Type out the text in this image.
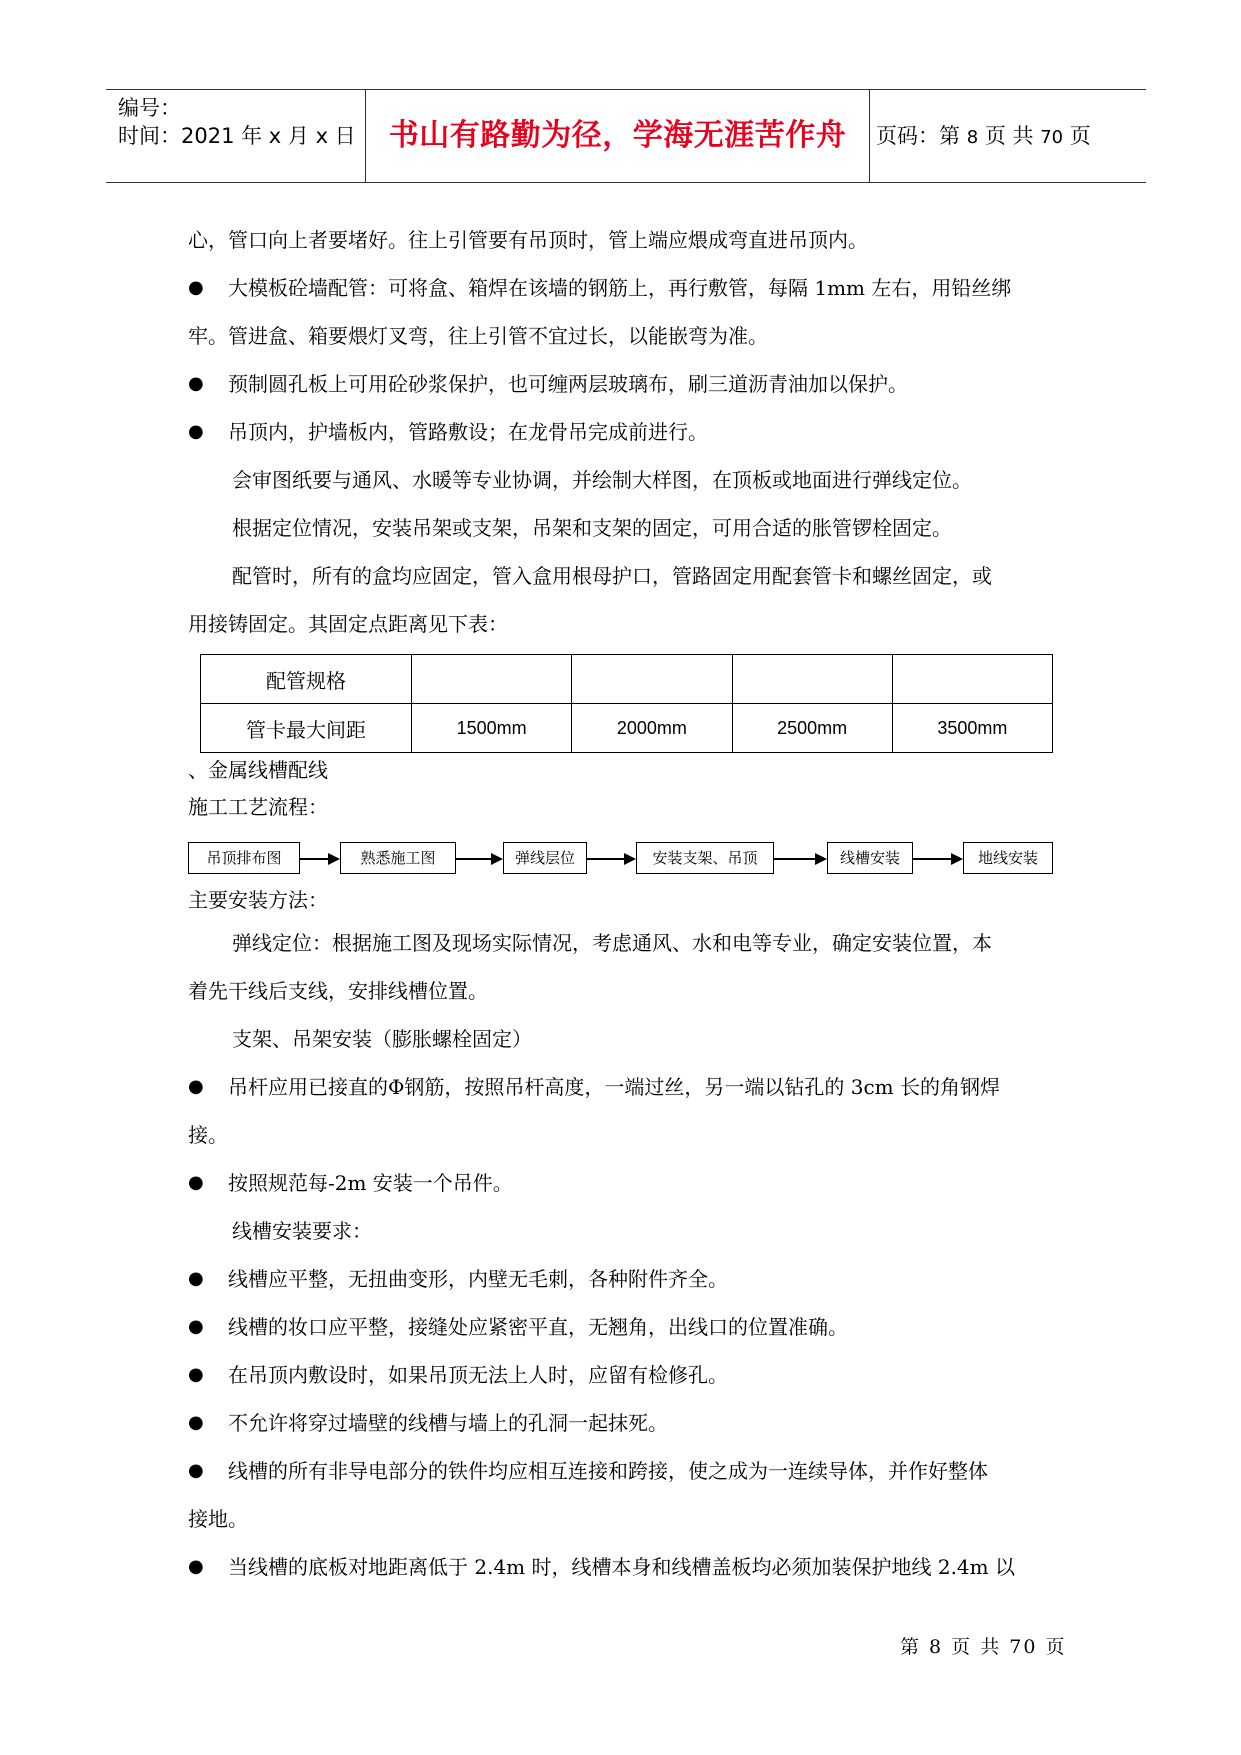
编号：
时间：2021 年 x 月 x 日	书山有路勤为径，学海无涯苦作舟	页码：第 8 页 共 70 页
心，管口向上者要堵好。往上引管要有吊顶时，管上端应煨成弯直进吊顶内。
●	大模板砼墙配管：可将盒、箱焊在该墙的钢筋上，再行敷管，每隔 1mm 左右，用铅丝绑
牢。管进盒、箱要煨灯叉弯，往上引管不宜过长，以能嵌弯为准。
●	预制圆孔板上可用砼砂浆保护，也可缠两层玻璃布，刷三道沥青油加以保护。
●	吊顶内，护墙板内，管路敷设；在龙骨吊完成前进行。
会审图纸要与通风、水暖等专业协调，并绘制大样图，在顶板或地面进行弹线定位。
根据定位情况，安装吊架或支架，吊架和支架的固定，可用合适的胀管锣栓固定。
配管时，所有的盒均应固定，管入盒用根母护口，管路固定用配套管卡和螺丝固定，或
用接铸固定。其固定点距离见下表：
配管规格				
管卡最大间距	1500mm	2000mm	2500mm	3500mm
、金属线槽配线
施工工艺流程：
吊顶排布图	熟悉施工图	弹线层位	安装支架、吊顶	线槽安装	地线安装
主要安装方法：
弹线定位：根据施工图及现场实际情况，考虑通风、水和电等专业，确定安装位置，本
着先干线后支线，安排线槽位置。
支架、吊架安装（膨胀螺栓固定）
●	吊杆应用已接直的Φ钢筋，按照吊杆高度，一端过丝，另一端以钻孔的 3cm 长的角钢焊
接。
●	按照规范每-2m 安装一个吊件。
线槽安装要求：
●	线槽应平整，无扭曲变形，内壁无毛刺，各种附件齐全。
●	线槽的妆口应平整，接缝处应紧密平直，无翘角，出线口的位置准确。
●	在吊顶内敷设时，如果吊顶无法上人时，应留有检修孔。
●	不允许将穿过墙壁的线槽与墙上的孔洞一起抹死。
●	线槽的所有非导电部分的铁件均应相互连接和跨接，使之成为一连续导体，并作好整体
接地。
●	当线槽的底板对地距离低于 2.4m 时，线槽本身和线槽盖板均必须加装保护地线 2.4m 以
第 8 页 共 70 页
